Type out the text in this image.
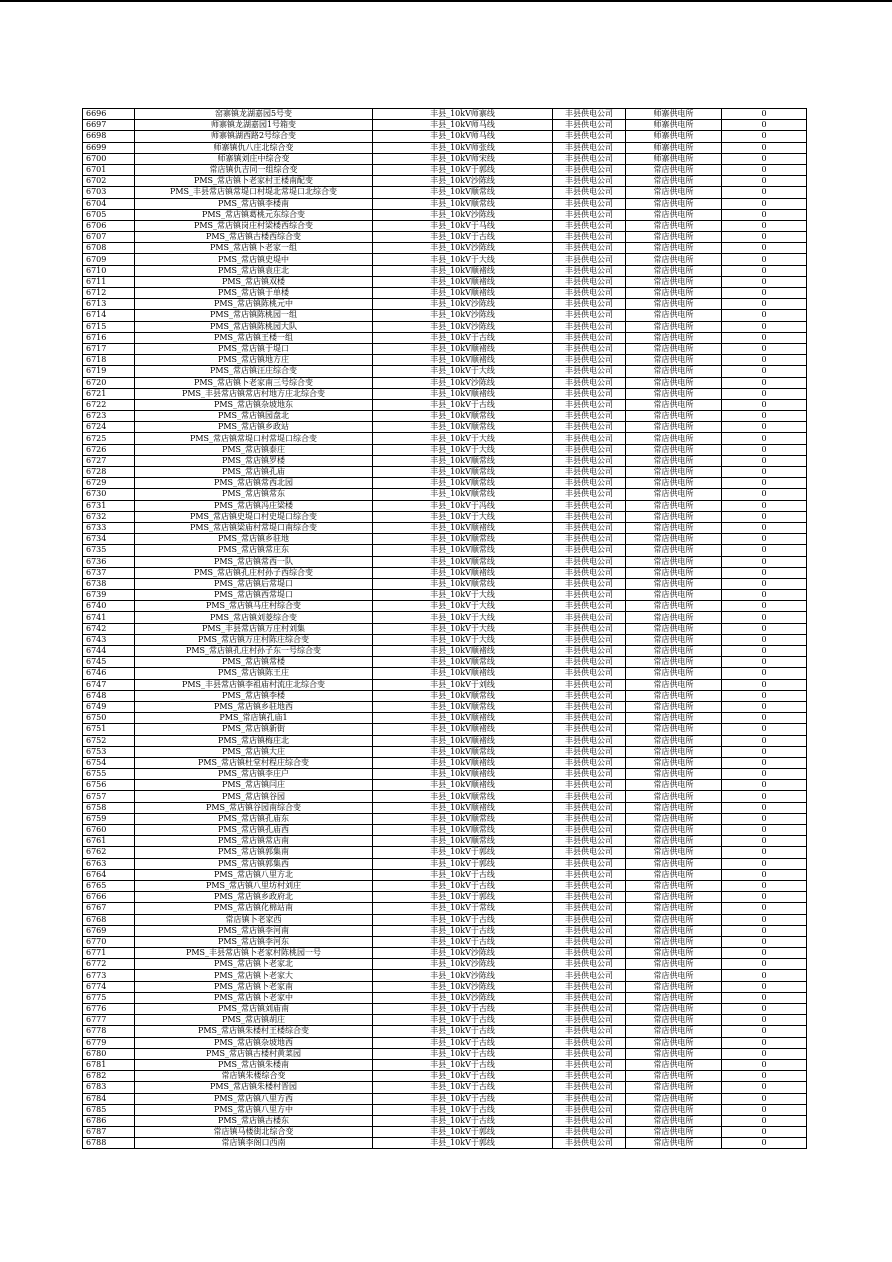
6696	窑寨镇龙湖嘉园5号变	丰县_10kV师寨线	丰县供电公司	师寨供电所	0
6697	师寨镇龙湖嘉园1号箱变	丰县_10kV师马线	丰县供电公司	师寨供电所	0
6698	师寨镇湖西路2号综合变	丰县_10kV师马线	丰县供电公司	师寨供电所	0
6699	师寨镇仇八庄北综合变	丰县_10kV师张线	丰县供电公司	师寨供电所	0
6700	师寨镇刘庄中综合变	丰县_10kV师宋线	丰县供电公司	师寨供电所	0
6701	常店镇仇吉同一组综合变	丰县_10kV于郭线	丰县供电公司	常店供电所	0
6702	PMS_常店镇卜老家村王楼南配变	丰县_10kV沙陈线	丰县供电公司	常店供电所	0
6703	PMS_丰县常店镇常堤口村堤北常堤口北综合变	丰县_10kV顺常线	丰县供电公司	常店供电所	0
6704	PMS_常店镇李楼南	丰县_10kV顺常线	丰县供电公司	常店供电所	0
6705	PMS_常店镇葛桃元东综合变	丰县_10kV沙陈线	丰县供电公司	常店供电所	0
6706	PMS_常店镇岗庄村梁楼西综合变	丰县_10kV于马线	丰县供电公司	常店供电所	0
6707	PMS_常店镇古楼西综合变	丰县_10kV于古线	丰县供电公司	常店供电所	0
6708	PMS_常店镇卜老家一组	丰县_10kV沙陈线	丰县供电公司	常店供电所	0
6709	PMS_常店镇史堤中	丰县_10kV于大线	丰县供电公司	常店供电所	0
6710	PMS_常店镇袁庄北	丰县_10kV顺褚线	丰县供电公司	常店供电所	0
6711	PMS_常店镇双楼	丰县_10kV顺褚线	丰县供电公司	常店供电所	0
6712	PMS_常店镇于单楼	丰县_10kV顺褚线	丰县供电公司	常店供电所	0
6713	PMS_常店镇陈桃元中	丰县_10kV沙陈线	丰县供电公司	常店供电所	0
6714	PMS_常店镇陈桃园一组	丰县_10kV沙陈线	丰县供电公司	常店供电所	0
6715	PMS_常店镇陈桃园大队	丰县_10kV沙陈线	丰县供电公司	常店供电所	0
6716	PMS_常店镇王楼一组	丰县_10kV于古线	丰县供电公司	常店供电所	0
6717	PMS_常店镇于堤口	丰县_10kV顺褚线	丰县供电公司	常店供电所	0
6718	PMS_常店镇地方庄	丰县_10kV顺褚线	丰县供电公司	常店供电所	0
6719	PMS_常店镇汪庄综合变	丰县_10kV于大线	丰县供电公司	常店供电所	0
6720	PMS_常店镇卜老家南三号综合变	丰县_10kV沙陈线	丰县供电公司	常店供电所	0
6721	PMS_丰县常店镇常店村地方庄北综合变	丰县_10kV顺褚线	丰县供电公司	常店供电所	0
6722	PMS_常店镇杂坡地东	丰县_10kV于古线	丰县供电公司	常店供电所	0
6723	PMS_常店镇园盘北	丰县_10kV顺常线	丰县供电公司	常店供电所	0
6724	PMS_常店镇乡政站	丰县_10kV顺常线	丰县供电公司	常店供电所	0
6725	PMS_常店镇常堤口村常堤口综合变	丰县_10kV于大线	丰县供电公司	常店供电所	0
6726	PMS_常店镇泰庄	丰县_10kV于大线	丰县供电公司	常店供电所	0
6727	PMS_常店镇罗楼	丰县_10kV顺常线	丰县供电公司	常店供电所	0
6728	PMS_常店镇孔庙	丰县_10kV顺常线	丰县供电公司	常店供电所	0
6729	PMS_常店镇常西北园	丰县_10kV顺常线	丰县供电公司	常店供电所	0
6730	PMS_常店镇常东	丰县_10kV顺常线	丰县供电公司	常店供电所	0
6731	PMS_常店镇冯庄梁楼	丰县_10kV于冯线	丰县供电公司	常店供电所	0
6732	PMS_常店镇史堤口村史堤口综合变	丰县_10kV于大线	丰县供电公司	常店供电所	0
6733	PMS_常店镇梁庙村常堤口南综合变	丰县_10kV顺褚线	丰县供电公司	常店供电所	0
6734	PMS_常店镇乡驻地	丰县_10kV顺常线	丰县供电公司	常店供电所	0
6735	PMS_常店镇常庄东	丰县_10kV顺常线	丰县供电公司	常店供电所	0
6736	PMS_常店镇常西一队	丰县_10kV顺常线	丰县供电公司	常店供电所	0
6737	PMS_常店镇孔庄村孙子西综合变	丰县_10kV顺褚线	丰县供电公司	常店供电所	0
6738	PMS_常店镇后常堤口	丰县_10kV顺常线	丰县供电公司	常店供电所	0
6739	PMS_常店镇西常堤口	丰县_10kV于大线	丰县供电公司	常店供电所	0
6740	PMS_常店镇马庄村综合变	丰县_10kV于大线	丰县供电公司	常店供电所	0
6741	PMS_常店镇刘菱综合变	丰县_10kV于大线	丰县供电公司	常店供电所	0
6742	PMS_丰县常店镇万庄村刘集	丰县_10kV于大线	丰县供电公司	常店供电所	0
6743	PMS_常店镇万庄村陈庄综合变	丰县_10kV于大线	丰县供电公司	常店供电所	0
6744	PMS_常店镇孔庄村孙子东一号综合变	丰县_10kV顺褚线	丰县供电公司	常店供电所	0
6745	PMS_常店镇常楼	丰县_10kV顺常线	丰县供电公司	常店供电所	0
6746	PMS_常店镇陈王庄	丰县_10kV顺褚线	丰县供电公司	常店供电所	0
6747	PMS_丰县常店镇李祖庙村流庄北综合变	丰县_10kV于刘线	丰县供电公司	常店供电所	0
6748	PMS_常店镇李楼	丰县_10kV顺常线	丰县供电公司	常店供电所	0
6749	PMS_常店镇乡驻地西	丰县_10kV顺常线	丰县供电公司	常店供电所	0
6750	PMS_常店镇孔庙1	丰县_10kV顺褚线	丰县供电公司	常店供电所	0
6751	PMS_常店镇新街	丰县_10kV顺褚线	丰县供电公司	常店供电所	0
6752	PMS_常店镇梅庄北	丰县_10kV顺褚线	丰县供电公司	常店供电所	0
6753	PMS_常店镇大庄	丰县_10kV顺常线	丰县供电公司	常店供电所	0
6754	PMS_常店镇杜堂村程庄综合变	丰县_10kV顺褚线	丰县供电公司	常店供电所	0
6755	PMS_常店镇李庄户	丰县_10kV顺褚线	丰县供电公司	常店供电所	0
6756	PMS_常店镇闫庄	丰县_10kV顺褚线	丰县供电公司	常店供电所	0
6757	PMS_常店镇谷园	丰县_10kV顺常线	丰县供电公司	常店供电所	0
6758	PMS_常店镇谷园南综合变	丰县_10kV顺褚线	丰县供电公司	常店供电所	0
6759	PMS_常店镇孔庙东	丰县_10kV顺常线	丰县供电公司	常店供电所	0
6760	PMS_常店镇孔庙西	丰县_10kV顺常线	丰县供电公司	常店供电所	0
6761	PMS_常店镇常店南	丰县_10kV顺常线	丰县供电公司	常店供电所	0
6762	PMS_常店镇郭集南	丰县_10kV于郭线	丰县供电公司	常店供电所	0
6763	PMS_常店镇郭集西	丰县_10kV于郭线	丰县供电公司	常店供电所	0
6764	PMS_常店镇八里方北	丰县_10kV于古线	丰县供电公司	常店供电所	0
6765	PMS_常店镇八里坊村刘庄	丰县_10kV于古线	丰县供电公司	常店供电所	0
6766	PMS_常店镇乡政府北	丰县_10kV于郭线	丰县供电公司	常店供电所	0
6767	PMS_常店镇化棉站南	丰县_10kV于常线	丰县供电公司	常店供电所	0
6768	常店镇卜老家西	丰县_10kV于古线	丰县供电公司	常店供电所	0
6769	PMS_常店镇李河南	丰县_10kV于古线	丰县供电公司	常店供电所	0
6770	PMS_常店镇李河东	丰县_10kV于古线	丰县供电公司	常店供电所	0
6771	PMS_丰县常店镇卜老家村陈桃园一号	丰县_10kV沙陈线	丰县供电公司	常店供电所	0
6772	PMS_常店镇卜老家北	丰县_10kV沙陈线	丰县供电公司	常店供电所	0
6773	PMS_常店镇卜老家大	丰县_10kV沙陈线	丰县供电公司	常店供电所	0
6774	PMS_常店镇卜老家南	丰县_10kV沙陈线	丰县供电公司	常店供电所	0
6775	PMS_常店镇卜老家中	丰县_10kV沙陈线	丰县供电公司	常店供电所	0
6776	PMS_常店镇刘庙南	丰县_10kV于古线	丰县供电公司	常店供电所	0
6777	PMS_常店镇胡庄	丰县_10kV于古线	丰县供电公司	常店供电所	0
6778	PMS_常店镇朱楼村王楼综合变	丰县_10kV于古线	丰县供电公司	常店供电所	0
6779	PMS_常店镇杂坡地西	丰县_10kV于古线	丰县供电公司	常店供电所	0
6780	PMS_常店镇古楼村黄菜园	丰县_10kV于古线	丰县供电公司	常店供电所	0
6781	PMS_常店镇朱楼南	丰县_10kV于古线	丰县供电公司	常店供电所	0
6782	常店镇朱楼综合变	丰县_10kV于古线	丰县供电公司	常店供电所	0
6783	PMS_常店镇朱楼村晋园	丰县_10kV于古线	丰县供电公司	常店供电所	0
6784	PMS_常店镇八里方西	丰县_10kV于古线	丰县供电公司	常店供电所	0
6785	PMS_常店镇八里方中	丰县_10kV于古线	丰县供电公司	常店供电所	0
6786	PMS_常店镇古楼东	丰县_10kV于古线	丰县供电公司	常店供电所	0
6787	常店镇马楼街北综合变	丰县_10kV于郭线	丰县供电公司	常店供电所	0
6788	常店镇李阁口西南	丰县_10kV于郭线	丰县供电公司	常店供电所	0
